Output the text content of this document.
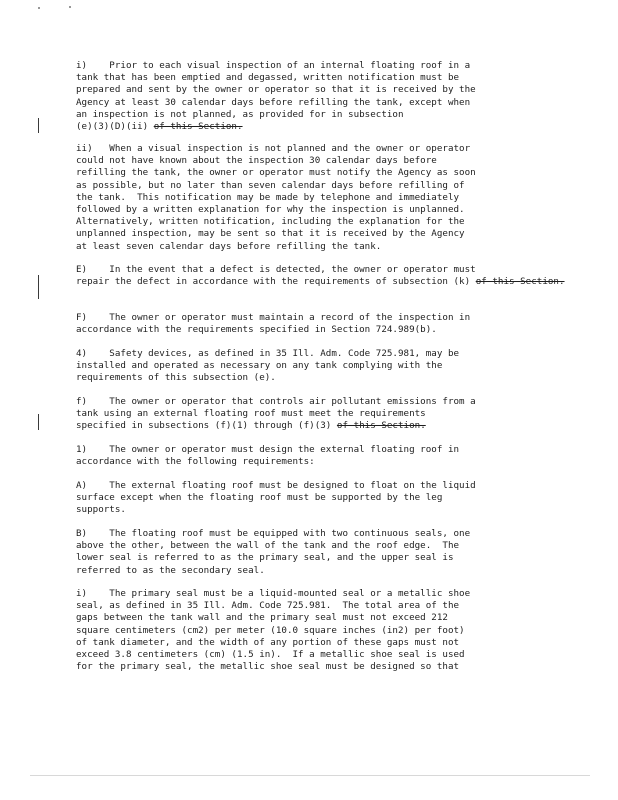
i)    Prior to each visual inspection of an internal floating roof in a
tank that has been emptied and degassed, written notification must be
prepared and sent by the owner or operator so that it is received by the
Agency at least 30 calendar days before refilling the tank, except when
an inspection is not planned, as provided for in subsection
(e)(3)(D)(ii) of this Section.
ii)   When a visual inspection is not planned and the owner or operator
could not have known about the inspection 30 calendar days before
refilling the tank, the owner or operator must notify the Agency as soon
as possible, but no later than seven calendar days before refilling of
the tank.  This notification may be made by telephone and immediately
followed by a written explanation for why the inspection is unplanned.
Alternatively, written notification, including the explanation for the
unplanned inspection, may be sent so that it is received by the Agency
at least seven calendar days before refilling the tank.
E)    In the event that a defect is detected, the owner or operator must
repair the defect in accordance with the requirements of subsection (k) of this Section.
F)    The owner or operator must maintain a record of the inspection in
accordance with the requirements specified in Section 724.989(b).
4)    Safety devices, as defined in 35 Ill. Adm. Code 725.981, may be
installed and operated as necessary on any tank complying with the
requirements of this subsection (e).
f)    The owner or operator that controls air pollutant emissions from a
tank using an external floating roof must meet the requirements
specified in subsections (f)(1) through (f)(3) of this Section.
1)    The owner or operator must design the external floating roof in
accordance with the following requirements:
A)    The external floating roof must be designed to float on the liquid
surface except when the floating roof must be supported by the leg
supports.
B)    The floating roof must be equipped with two continuous seals, one
above the other, between the wall of the tank and the roof edge.  The
lower seal is referred to as the primary seal, and the upper seal is
referred to as the secondary seal.
i)    The primary seal must be a liquid-mounted seal or a metallic shoe
seal, as defined in 35 Ill. Adm. Code 725.981.  The total area of the
gaps between the tank wall and the primary seal must not exceed 212
square centimeters (cm2) per meter (10.0 square inches (in2) per foot)
of tank diameter, and the width of any portion of these gaps must not
exceed 3.8 centimeters (cm) (1.5 in).  If a metallic shoe seal is used
for the primary seal, the metallic shoe seal must be designed so that
